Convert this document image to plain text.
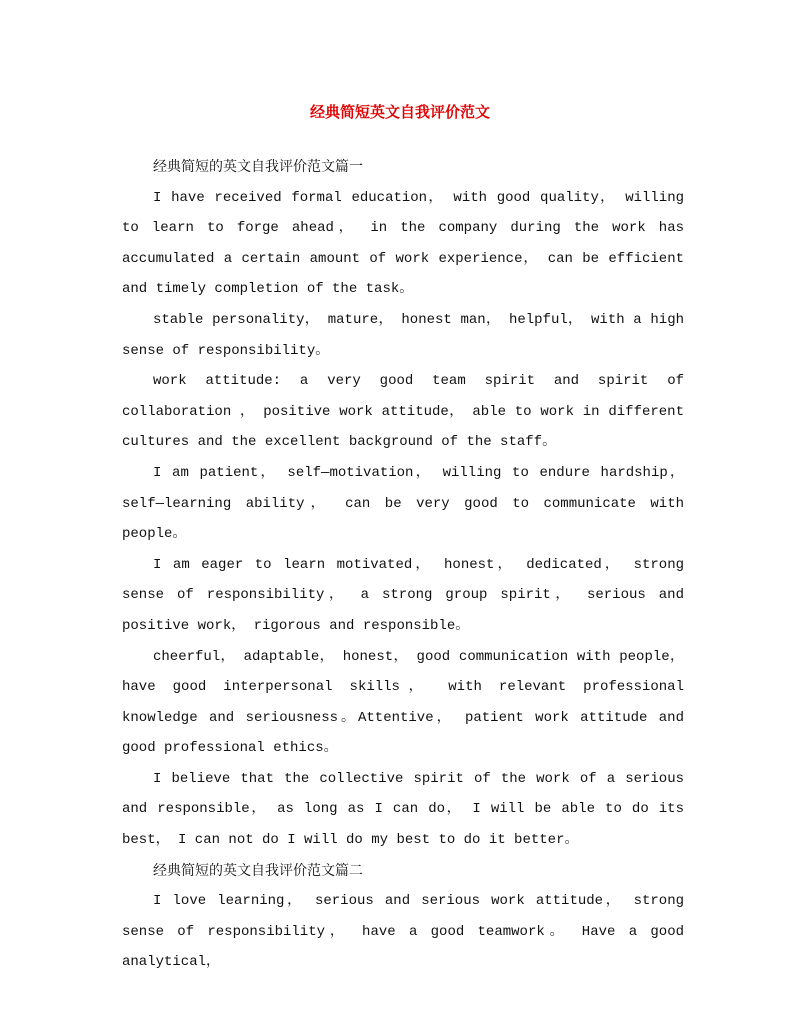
经典简短英文自我评价范文

经典简短的英文自我评价范文篇一

I have received formal education， with good quality， willing to learn to forge ahead， in the company during the work has accumulated a certain amount of work experience， can be efficient and timely completion of the task。

stable personality， mature， honest man， helpful， with a high sense of responsibility。

work attitude: a very good team spirit and spirit of collaboration ， positive work attitude， able to work in different cultures and the excellent background of the staff。

I am patient， self—motivation， willing to endure hardship， self—learning ability， can be very good to communicate with people。

I am eager to learn motivated， honest， dedicated， strong sense of responsibility， a strong group spirit， serious and positive work， rigorous and responsible。

cheerful， adaptable， honest， good communication with people， have good interpersonal skills， with relevant professional knowledge and seriousness。Attentive， patient work attitude and good professional ethics。

I believe that the collective spirit of the work of a serious and responsible， as long as I can do， I will be able to do its best， I can not do I will do my best to do it better。

经典简短的英文自我评价范文篇二

I love learning， serious and serious work attitude， strong sense of responsibility， have a good teamwork。 Have a good analytical，
